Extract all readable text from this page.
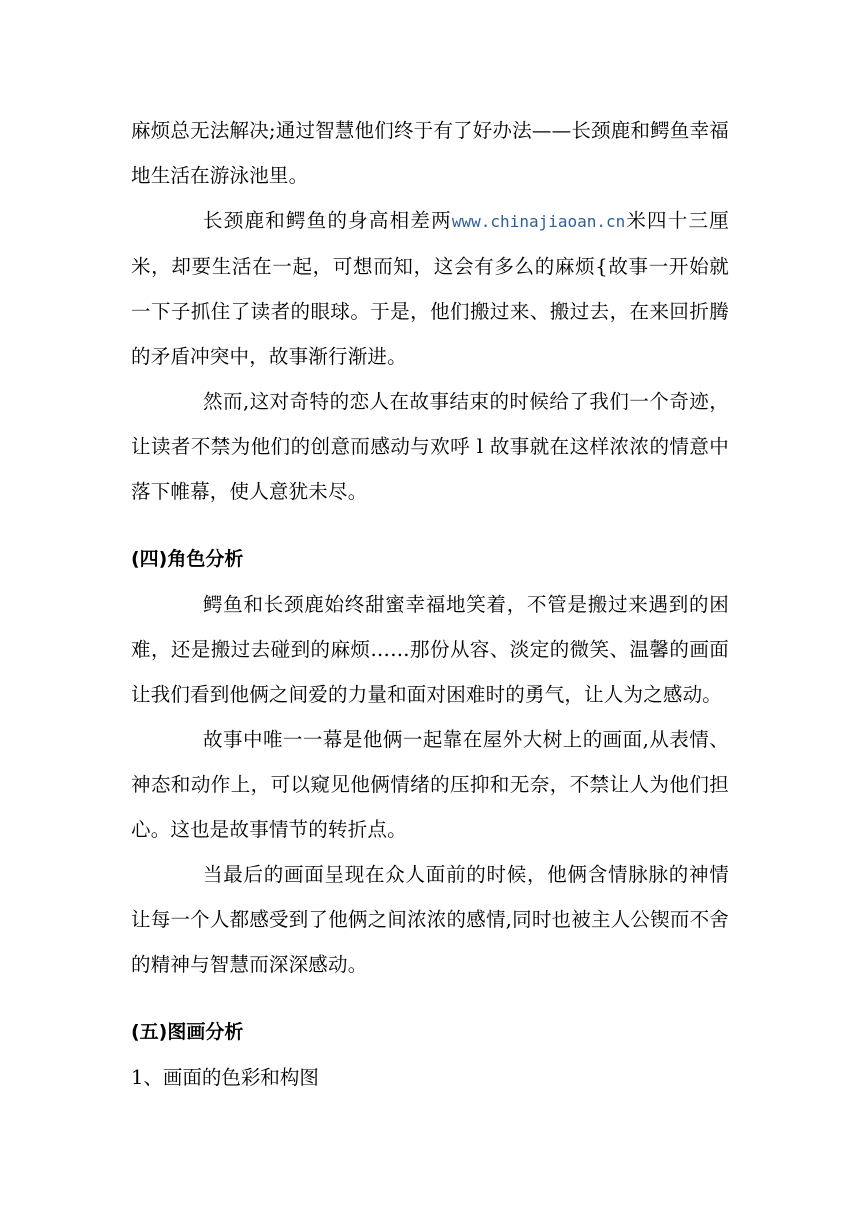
麻烦总无法解决;通过智慧他们终于有了好办法——长颈鹿和鳄鱼幸福地生活在游泳池里。

长颈鹿和鳄鱼的身高相差两www.chinajiaoan.cn米四十三厘米，却要生活在一起，可想而知，这会有多么的麻烦{故事一开始就一下子抓住了读者的眼球。于是，他们搬过来、搬过去，在来回折腾的矛盾冲突中，故事渐行渐进。

然而,这对奇特的恋人在故事结束的时候给了我们一个奇迹，让读者不禁为他们的创意而感动与欢呼 l 故事就在这样浓浓的情意中落下帷幕，使人意犹未尽。

(四)角色分析

鳄鱼和长颈鹿始终甜蜜幸福地笑着，不管是搬过来遇到的困难，还是搬过去碰到的麻烦……那份从容、淡定的微笑、温馨的画面让我们看到他俩之间爱的力量和面对困难时的勇气，让人为之感动。

故事中唯一一幕是他俩一起靠在屋外大树上的画面,从表情、神态和动作上，可以窥见他俩情绪的压抑和无奈，不禁让人为他们担心。这也是故事情节的转折点。

当最后的画面呈现在众人面前的时候，他俩含情脉脉的神情让每一个人都感受到了他俩之间浓浓的感情,同时也被主人公锲而不舍的精神与智慧而深深感动。

(五)图画分析

1、画面的色彩和构图
